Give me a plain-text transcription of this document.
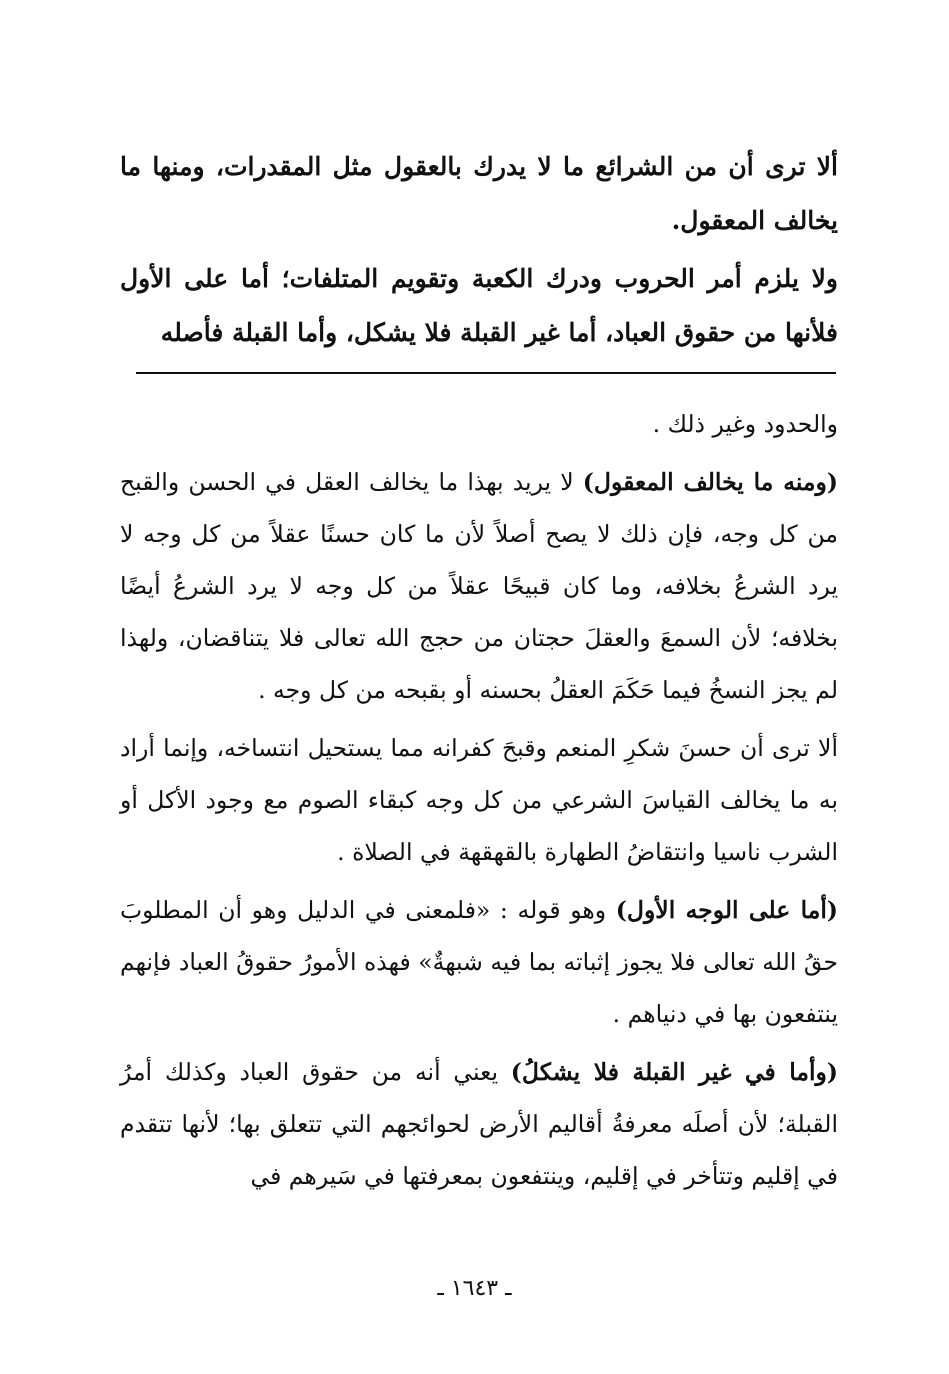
ألا ترى أن من الشرائع ما لا يدرك بالعقول مثل المقدرات، ومنها ما يخالف المعقول.

ولا يلزم أمر الحروب ودرك الكعبة وتقويم المتلفات؛ أما على الأول فلأنها من حقوق العباد، أما غير القبلة فلا يشكل، وأما القبلة فأصله

والحدود وغير ذلك .

(ومنه ما يخالف المعقول) لا يريد بهذا ما يخالف العقل في الحسن والقبح من كل وجه، فإن ذلك لا يصح أصلاً لأن ما كان حسنًا عقلاً من كل وجه لا يرد الشرعُ بخلافه، وما كان قبيحًا عقلاً من كل وجه لا يرد الشرعُ أيضًا بخلافه؛ لأن السمعَ والعقلَ حجتان من حجج الله تعالى فلا يتناقضان، ولهذا لم يجز النسخُ فيما حَكَمَ العقلُ بحسنه أو بقبحه من كل وجه .

ألا ترى أن حسنَ شكرِ المنعم وقبحَ كفرانه مما يستحيل انتساخه، وإنما أراد به ما يخالف القياسَ الشرعي من كل وجه كبقاء الصوم مع وجود الأكل أو الشرب ناسيا وانتقاضُ الطهارة بالقهقهة في الصلاة .

(أما على الوجه الأول) وهو قوله : «فلمعنى في الدليل وهو أن المطلوبَ حقُ الله تعالى فلا يجوز إثباته بما فيه شبهةٌ» فهذه الأمورُ حقوقُ العباد فإنهم ينتفعون بها في دنياهم .

(وأما في غير القبلة فلا يشكلُ) يعني أنه من حقوق العباد وكذلك أمرُ القبلة؛ لأن أصلَه معرفةُ أقاليم الأرض لحوائجهم التي تتعلق بها؛ لأنها تتقدم في إقليم وتتأخر في إقليم، وينتفعون بمعرفتها في سَيرهم في

ـ ١٦٤٣ ـ
